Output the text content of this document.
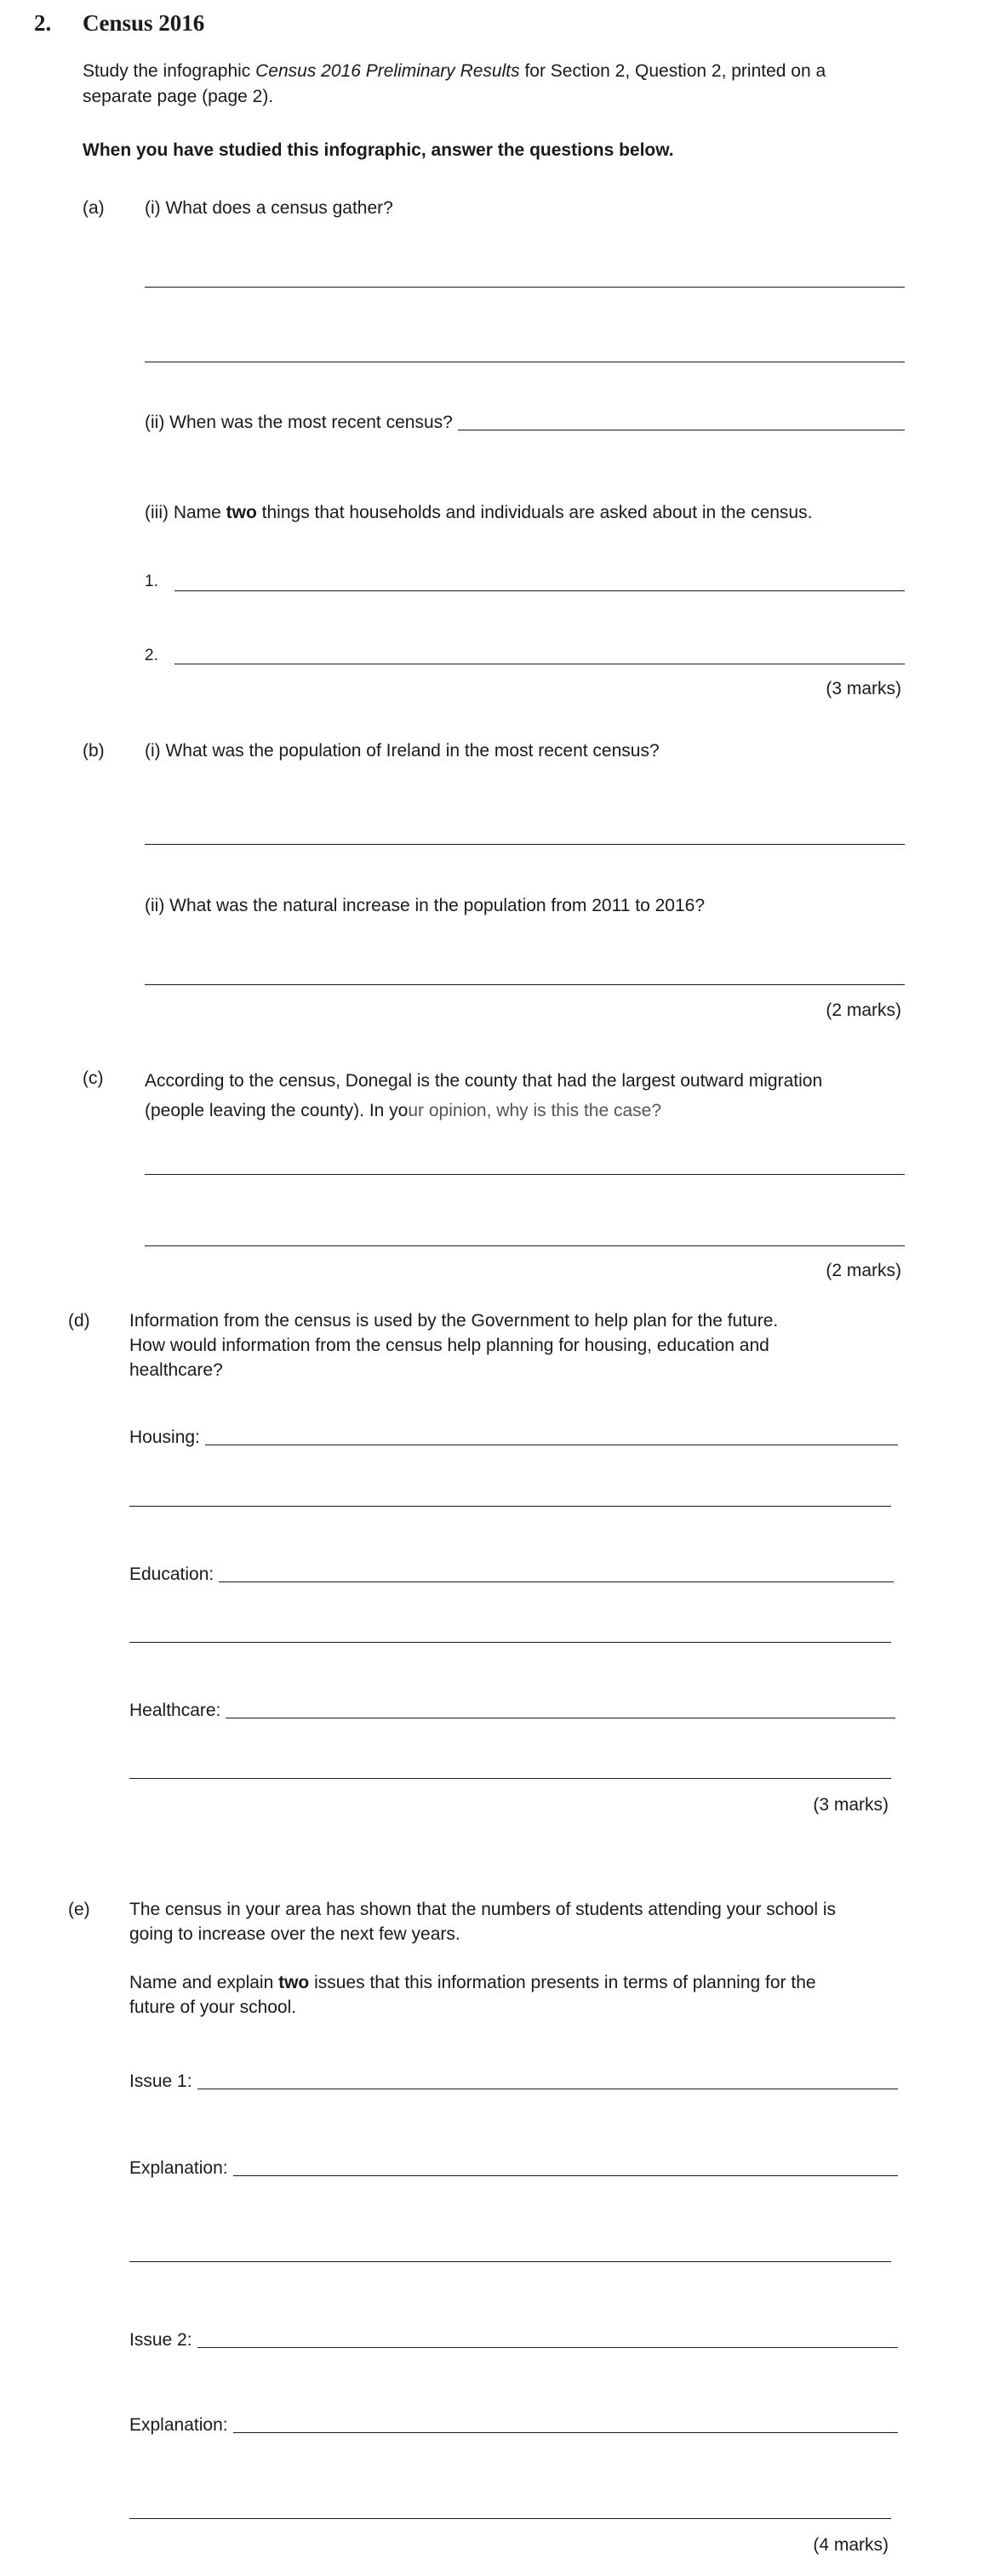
2. Census 2016
Study the infographic Census 2016 Preliminary Results for Section 2, Question 2, printed on a
separate page (page 2).
When you have studied this infographic, answer the questions below.
(a) (i) What does a census gather?
(ii) When was the most recent census?
(iii) Name two things that households and individuals are asked about in the census.
1.
2.
(3 marks)
(b) (i) What was the population of Ireland in the most recent census?
(ii) What was the natural increase in the population from 2011 to 2016?
(2 marks)
(c) According to the census, Donegal is the county that had the largest outward migration
(people leaving the county). In your opinion, why is this the case?
(2 marks)
(d) Information from the census is used by the Government to help plan for the future.
How would information from the census help planning for housing, education and
healthcare?
Housing:
Education:
Healthcare:
(3 marks)
(e) The census in your area has shown that the numbers of students attending your school is
going to increase over the next few years.
Name and explain two issues that this information presents in terms of planning for the
future of your school.
Issue 1:
Explanation:
Issue 2:
Explanation:
(4 marks)
